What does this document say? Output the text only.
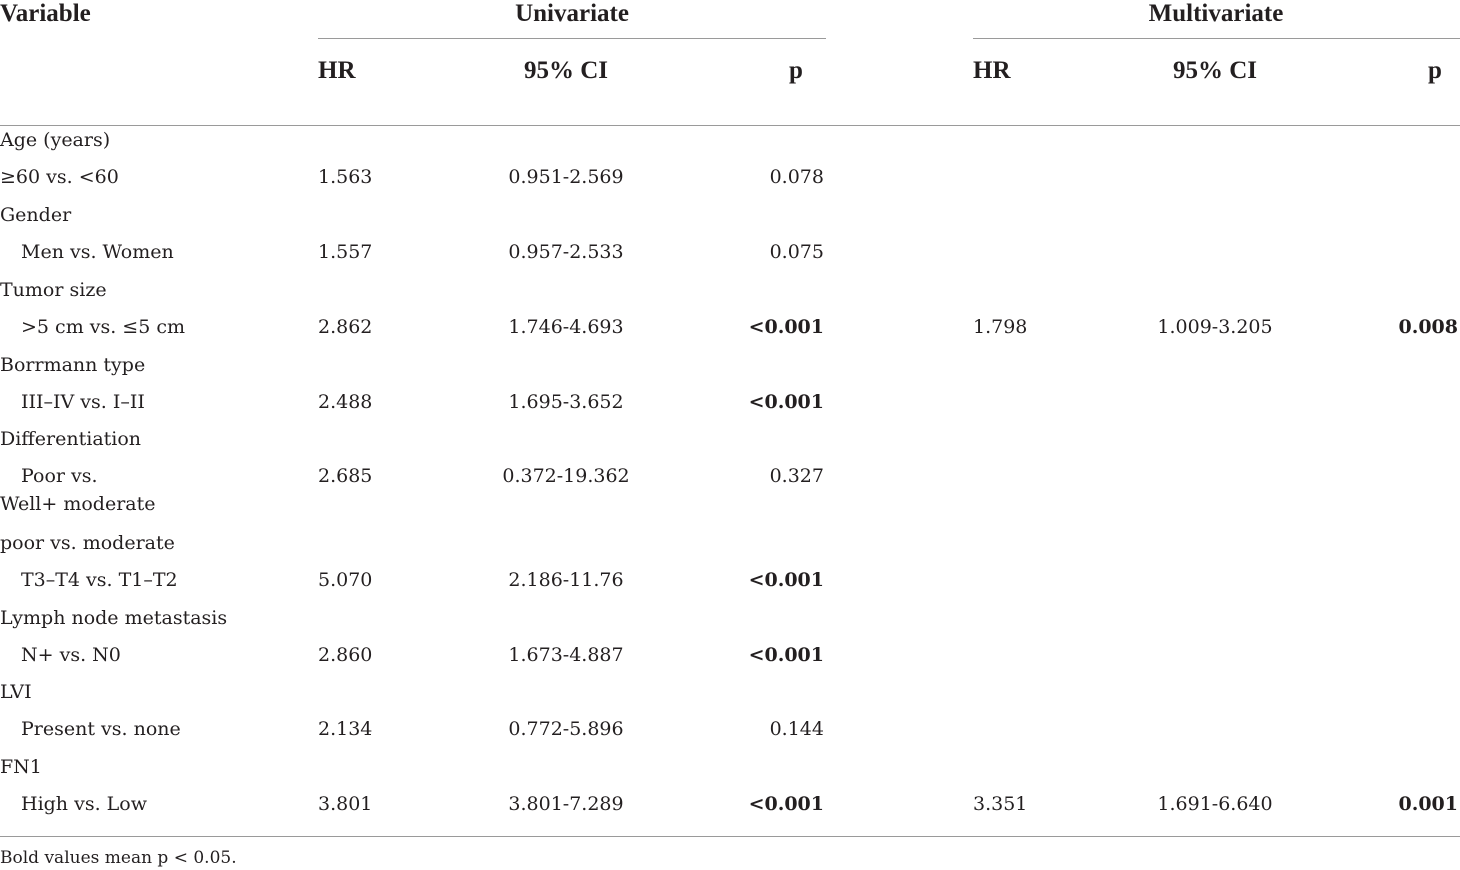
Variable	Univariate	Multivariate
HR	95% CI	p	HR	95% CI	p
Age (years)
≥60 vs. <60	1.563	0.951-2.569	0.078
Gender
Men vs. Women	1.557	0.957-2.533	0.075
Tumor size
>5 cm vs. ≤5 cm	2.862	1.746-4.693	<0.001	1.798	1.009-3.205	0.008
Borrmann type
III–IV vs. I–II	2.488	1.695-3.652	<0.001
Differentiation
Poor vs.	2.685	0.372-19.362	0.327
Well+ moderate
poor vs. moderate
T3–T4 vs. T1–T2	5.070	2.186-11.76	<0.001
Lymph node metastasis
N+ vs. N0	2.860	1.673-4.887	<0.001
LVI
Present vs. none	2.134	0.772-5.896	0.144
FN1
High vs. Low	3.801	3.801-7.289	<0.001	3.351	1.691-6.640	0.001
Bold values mean p < 0.05.
